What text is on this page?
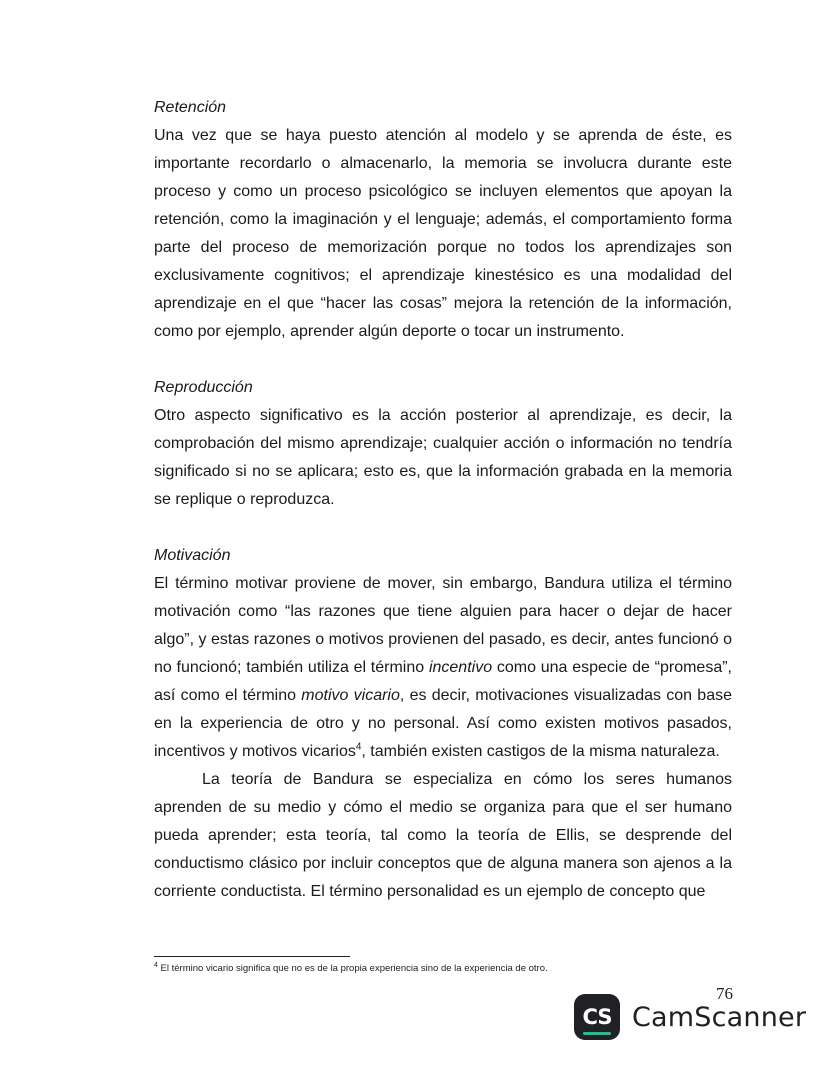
Retención

Una vez que se haya puesto atención al modelo y se aprenda de éste, es importante recordarlo o almacenarlo, la memoria se involucra durante este proceso y como un proceso psicológico se incluyen elementos que apoyan la retención, como la imaginación y el lenguaje; además, el comportamiento forma parte del proceso de memorización porque no todos los aprendizajes son exclusivamente cognitivos; el aprendizaje kinestésico es una modalidad del aprendizaje en el que “hacer las cosas” mejora la retención de la información, como por ejemplo, aprender algún deporte o tocar un instrumento.

Reproducción

Otro aspecto significativo es la acción posterior al aprendizaje, es decir, la comprobación del mismo aprendizaje; cualquier acción o información no tendría significado si no se aplicara; esto es, que la información grabada en la memoria se replique o reproduzca.

Motivación

El término motivar proviene de mover, sin embargo, Bandura utiliza el término motivación como “las razones que tiene alguien para hacer o dejar de hacer algo”, y estas razones o motivos provienen del pasado, es decir, antes funcionó o no funcionó; también utiliza el término incentivo como una especie de “promesa”, así como el término motivo vicario, es decir, motivaciones visualizadas con base en la experiencia de otro y no personal. Así como existen motivos pasados, incentivos y motivos vicarios$^4$, también existen castigos de la misma naturaleza.

La teoría de Bandura se especializa en cómo los seres humanos aprenden de su medio y cómo el medio se organiza para que el ser humano pueda aprender; esta teoría, tal como la teoría de Ellis, se desprende del conductismo clásico por incluir conceptos que de alguna manera son ajenos a la corriente conductista. El término personalidad es un ejemplo de concepto que

$^4$ El término vicario significa que no es de la propia experiencia sino de la experiencia de otro.
76
CS CamScanner
